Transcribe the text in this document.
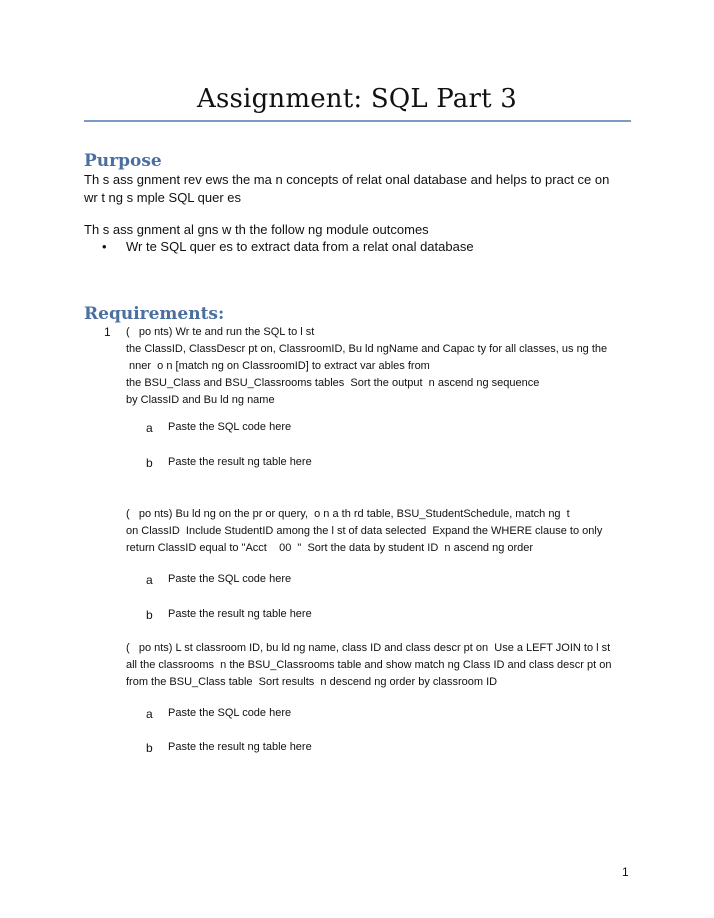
Assignment: SQL Part 3
Purpose
Th s ass gnment rev ews the ma n concepts of relat onal database and helps to pract ce on
wr t ng s mple SQL quer es
Th s ass gnment al gns w th the follow ng module outcomes
•	Wr te SQL quer es to extract data from a relat onal database
Requirements:
1 (   po nts) Wr te and run the SQL to l st
the ClassID, ClassDescr pt on, ClassroomID, Bu ld ngName and Capac ty for all classes, us ng the
nner  o n [match ng on ClassroomID] to extract var ables from
the BSU_Class and BSU_Classrooms tables  Sort the output  n ascend ng sequence
by ClassID and Bu ld ng name
a	Paste the SQL code here
b	Paste the result ng table here
(   po nts) Bu ld ng on the pr or query,  o n a th rd table, BSU_StudentSchedule, match ng  t
on ClassID  Include StudentID among the l st of data selected  Expand the WHERE clause to only
return ClassID equal to "Acct    00  "  Sort the data by student ID  n ascend ng order
a	Paste the SQL code here
b	Paste the result ng table here
(   po nts) L st classroom ID, bu ld ng name, class ID and class descr pt on  Use a LEFT JOIN to l st
all the classrooms  n the BSU_Classrooms table and show match ng Class ID and class descr pt on
from the BSU_Class table  Sort results  n descend ng order by classroom ID
a	Paste the SQL code here
b	Paste the result ng table here
1
